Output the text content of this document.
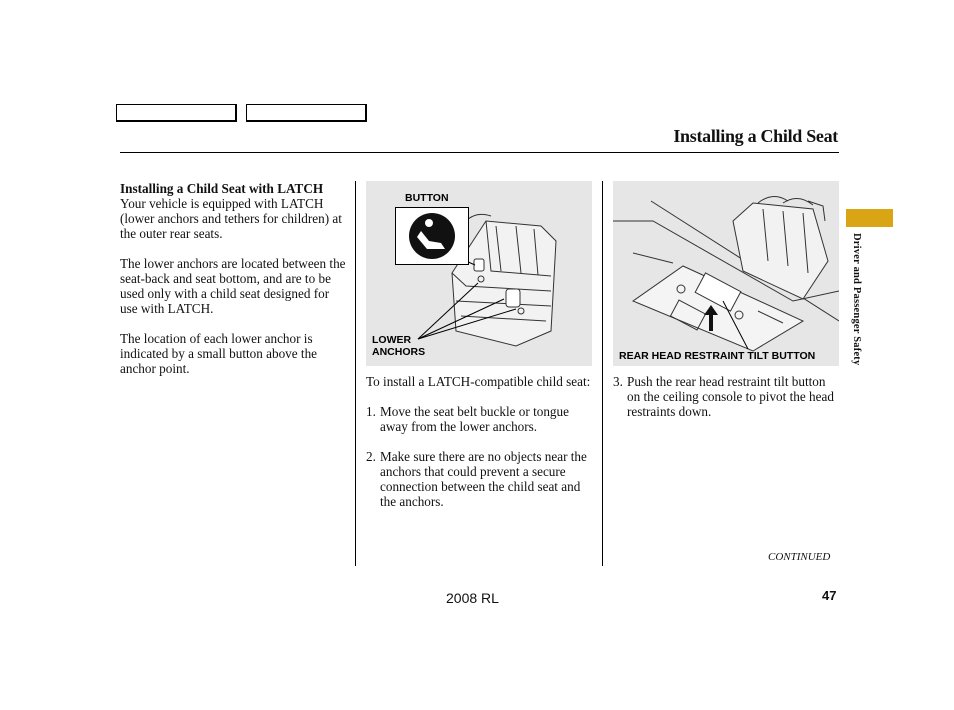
Installing a Child Seat
Installing a Child Seat with LATCH

Your vehicle is equipped with LATCH (lower anchors and tethers for children) at the outer rear seats.

The lower anchors are located between the seat-back and seat bottom, and are to be used only with a child seat designed for use with LATCH.

The location of each lower anchor is indicated by a small button above the anchor point.

BUTTON
LOWER
ANCHORS

To install a LATCH-compatible child seat:

1. Move the seat belt buckle or tongue away from the lower anchors.

2. Make sure there are no objects near the anchors that could prevent a secure connection between the child seat and the anchors.

REAR HEAD RESTRAINT TILT BUTTON

3. Push the rear head restraint tilt button on the ceiling console to pivot the head restraints down.

Driver and Passenger Safety
CONTINUED
2008 RL	47
